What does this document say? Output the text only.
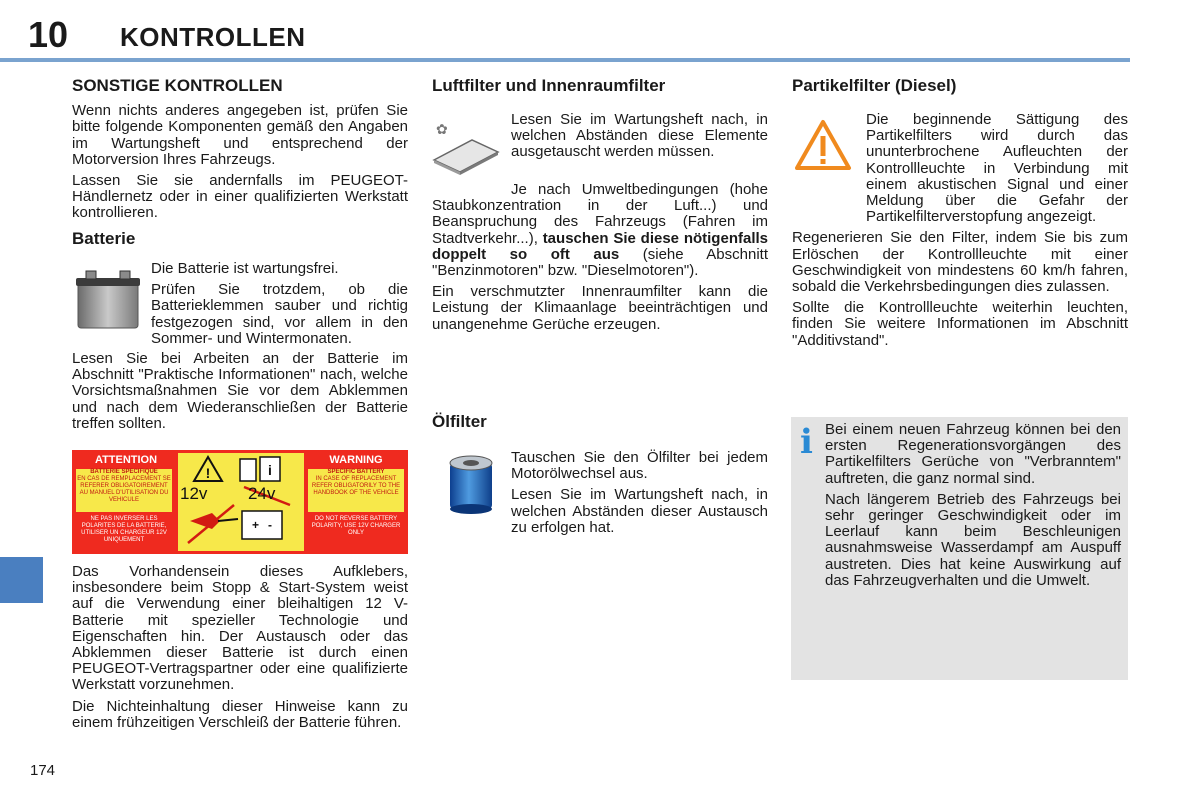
10 KONTROLLEN
174
SONSTIGE KONTROLLEN

Wenn nichts anderes angegeben ist, prüfen Sie bitte folgende Komponenten gemäß den Angaben im Wartungsheft und entsprechend der Motorversion Ihres Fahrzeugs.

Lassen Sie sie andernfalls im PEUGEOT-Händlernetz oder in einer qualifizierten Werkstatt kontrollieren.

Batterie

Die Batterie ist wartungsfrei.

Prüfen Sie trotzdem, ob die Batterieklemmen sauber und richtig festgezogen sind, vor allem in den Sommer- und Wintermonaten.

Lesen Sie bei Arbeiten an der Batterie im Abschnitt "Praktische Informationen" nach, welche Vorsichtsmaßnahmen Sie vor dem Abklemmen und nach dem Wiederanschließen der Batterie treffen sollten.

ATTENTION	WARNING
BATTERIE SPECIFIQUE
EN CAS DE REMPLACEMENT SE REFERER OBLIGATOIREMENT AU MANUEL D'UTILISATION DU VEHICULE
NE PAS INVERSER LES POLARITES DE LA BATTERIE, UTILISER UN CHARGEUR 12V UNIQUEMENT
SPECIFIC BATTERY
IN CASE OF REPLACEMENT REFER OBLIGATORILY TO THE HANDBOOK OF THE VEHICLE
DO NOT REVERSE BATTERY POLARITY, USE 12V CHARGER ONLY
!	i
+ -
12v 24v

Das Vorhandensein dieses Aufklebers, insbesondere beim Stopp & Start-System weist auf die Verwendung einer bleihaltigen 12 V-Batterie mit spezieller Technologie und Eigenschaften hin. Der Austausch oder das Abklemmen dieser Batterie ist durch einen PEUGEOT-Vertragspartner oder eine qualifizierte Werkstatt vorzunehmen.

Die Nichteinhaltung dieser Hinweise kann zu einem frühzeitigen Verschleiß der Batterie führen.

Luftfilter und Innenraumfilter
✿

Lesen Sie im Wartungsheft nach, in welchen Abständen diese Elemente ausgetauscht werden müssen.

Je nach Umweltbedingungen (hohe Staubkonzentration in der Luft...) und Beanspruchung des Fahrzeugs (Fahren im Stadtverkehr...), tauschen Sie diese nötigenfalls doppelt so oft aus (siehe Abschnitt "Benzinmotoren" bzw. "Dieselmotoren").

Ein verschmutzter Innenraumfilter kann die Leistung der Klimaanlage beeinträchtigen und unangenehme Gerüche erzeugen.

Ölfilter

Tauschen Sie den Ölfilter bei jedem Motorölwechsel aus.

Lesen Sie im Wartungsheft nach, in welchen Abständen dieser Austausch zu erfolgen hat.

Partikelfilter (Diesel)

Die beginnende Sättigung des Partikelfilters wird durch das ununterbrochene Aufleuchten der Kontrollleuchte in Verbindung mit einem akustischen Signal und einer Meldung über die Gefahr der Partikelfilterverstopfung angezeigt.

Regenerieren Sie den Filter, indem Sie bis zum Erlöschen der Kontrollleuchte mit einer Geschwindigkeit von mindestens 60 km/h fahren, sobald die Verkehrsbedingungen dies zulassen.

Sollte die Kontrollleuchte weiterhin leuchten, finden Sie weitere Informationen im Abschnitt "Additivstand".

i Bei einem neuen Fahrzeug können bei den ersten Regenerationsvorgängen des Partikelfilters Gerüche von "Verbranntem" auftreten, die ganz normal sind.

Nach längerem Betrieb des Fahrzeugs bei sehr geringer Geschwindigkeit oder im Leerlauf kann beim Beschleunigen ausnahmsweise Wasserdampf am Auspuff austreten. Dies hat keine Auswirkung auf das Fahrzeugverhalten und die Umwelt.
